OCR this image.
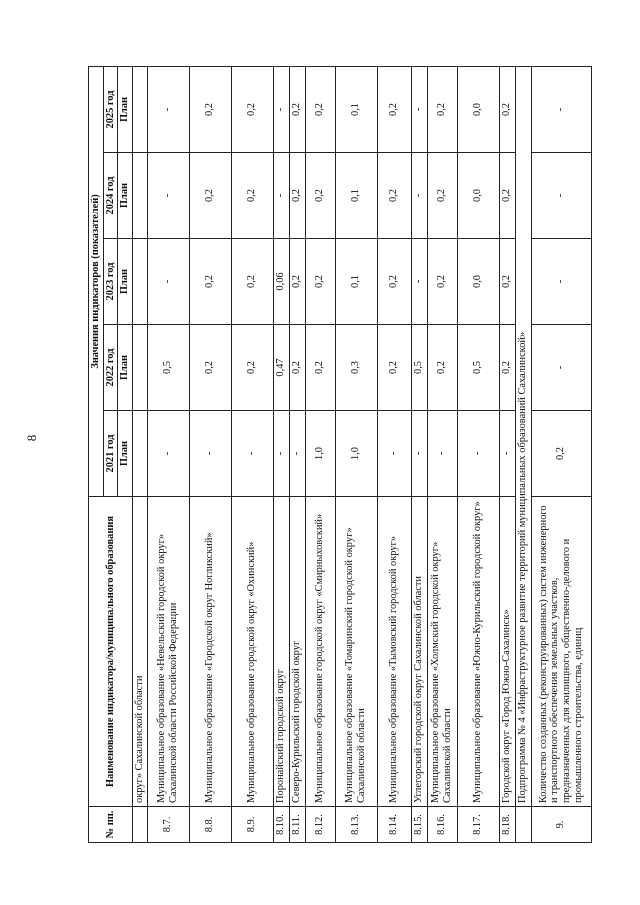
8
№ пп.	Наименование индикатора/муниципального образования	Значения индикаторов (показателей)				
		2021 год	2022 год	2023 год	2024 год	2025 год
		План	План	План	План	План
	округ» Сахалинской области					
8.7.	Муниципальное образование «Невельский городской округ» Сахалинской области Российской Федерации	-	0,5	-	-	-
8.8.	Муниципальное образование «Городской округ Ногликский»	-	0,2	0,2	0,2	0,2
8.9.	Муниципальное образование городской округ «Охинский»	-	0,2	0,2	0,2	0,2
8.10.	Поронайский городской округ	-	0,47	0,06	-	-
8.11.	Северо-Курильский городской округ	-	0,2	0,2	0,2	0,2
8.12.	Муниципальное образование городской округ «Смирныховский»	1,0	0,2	0,2	0,2	0,2
8.13.	Муниципальное образование «Томаринский городской округ» Сахалинской области	1,0	0,3	0,1	0,1	0,1
8.14.	Муниципальное образование «Тымовский городской округ»	-	0,2	0,2	0,2	0,2
8.15.	Углегорский городской округ Сахалинской области	-	0,5	-	-	-
8.16.	Муниципальное образование «Холмский городской округ» Сахалинской области	-	0,2	0,2	0,2	0,2
8.17.	Муниципальное образование «Южно-Курильский городской округ»	-	0,5	0,0	0,0	0,0
8.18.	Городской округ «Город Южно-Сахалинск»	-	0,2	0,2	0,2	0,2
	Подпрограмма № 4 «Инфраструктурное развитие территорий муниципальных образований Сахалинской»					
9.	Количество созданных (реконструированных) систем инженерного и транспортного обеспечения земельных участков, предназначенных для жилищного, общественно-делового и промышленного строительства, единиц	0,2	-	-	-	-
